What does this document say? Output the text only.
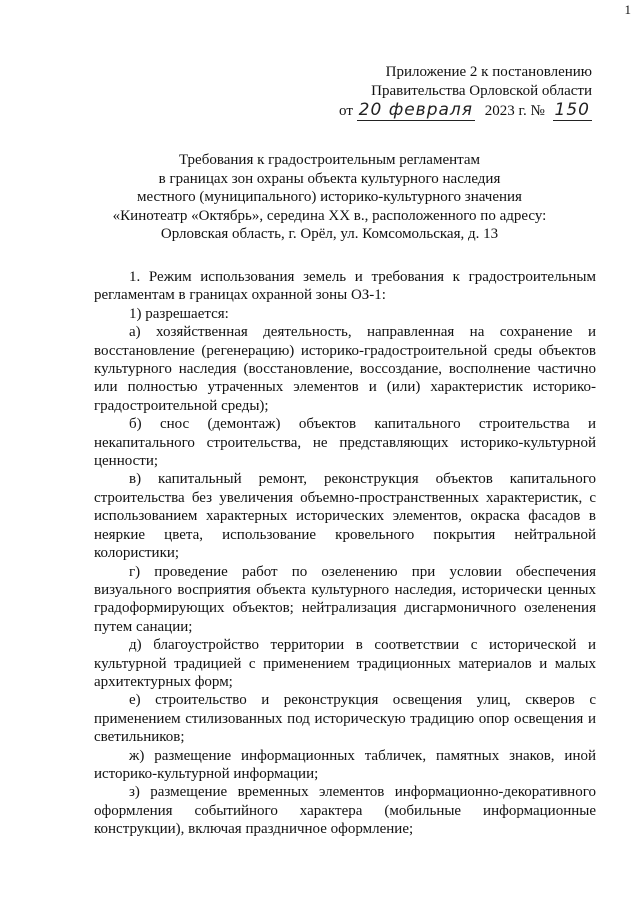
1
Приложение 2 к постановлению
Правительства Орловской области
от 20 февраля 2023 г. № 150
Требования к градостроительным регламентам
в границах зон охраны объекта культурного наследия
местного (муниципального) историко-культурного значения
«Кинотеатр «Октябрь», середина XX в., расположенного по адресу:
Орловская область, г. Орёл, ул. Комсомольская, д. 13

1. Режим использования земель и требования к градостроительным регламентам в границах охранной зоны ОЗ-1:

1) разрешается:

а) хозяйственная деятельность, направленная на сохранение и восстановление (регенерацию) историко-градостроительной среды объектов культурного наследия (восстановление, воссоздание, восполнение частично или полностью утраченных элементов и (или) характеристик историко-градостроительной среды);

б) снос (демонтаж) объектов капитального строительства и некапитального строительства, не представляющих историко-культурной ценности;

в) капитальный ремонт, реконструкция объектов капитального строительства без увеличения объемно-пространственных характеристик, с использованием характерных исторических элементов, окраска фасадов в неяркие цвета, использование кровельного покрытия нейтральной колористики;

г) проведение работ по озеленению при условии обеспечения визуального восприятия объекта культурного наследия, исторически ценных градоформирующих объектов; нейтрализация дисгармоничного озеленения путем санации;

д) благоустройство территории в соответствии с исторической и культурной традицией с применением традиционных материалов и малых архитектурных форм;

е) строительство и реконструкция освещения улиц, скверов с применением стилизованных под историческую традицию опор освещения и светильников;

ж) размещение информационных табличек, памятных знаков, иной историко-культурной информации;

з) размещение временных элементов информационно-декоративного оформления событийного характера (мобильные информационные конструкции), включая праздничное оформление;
